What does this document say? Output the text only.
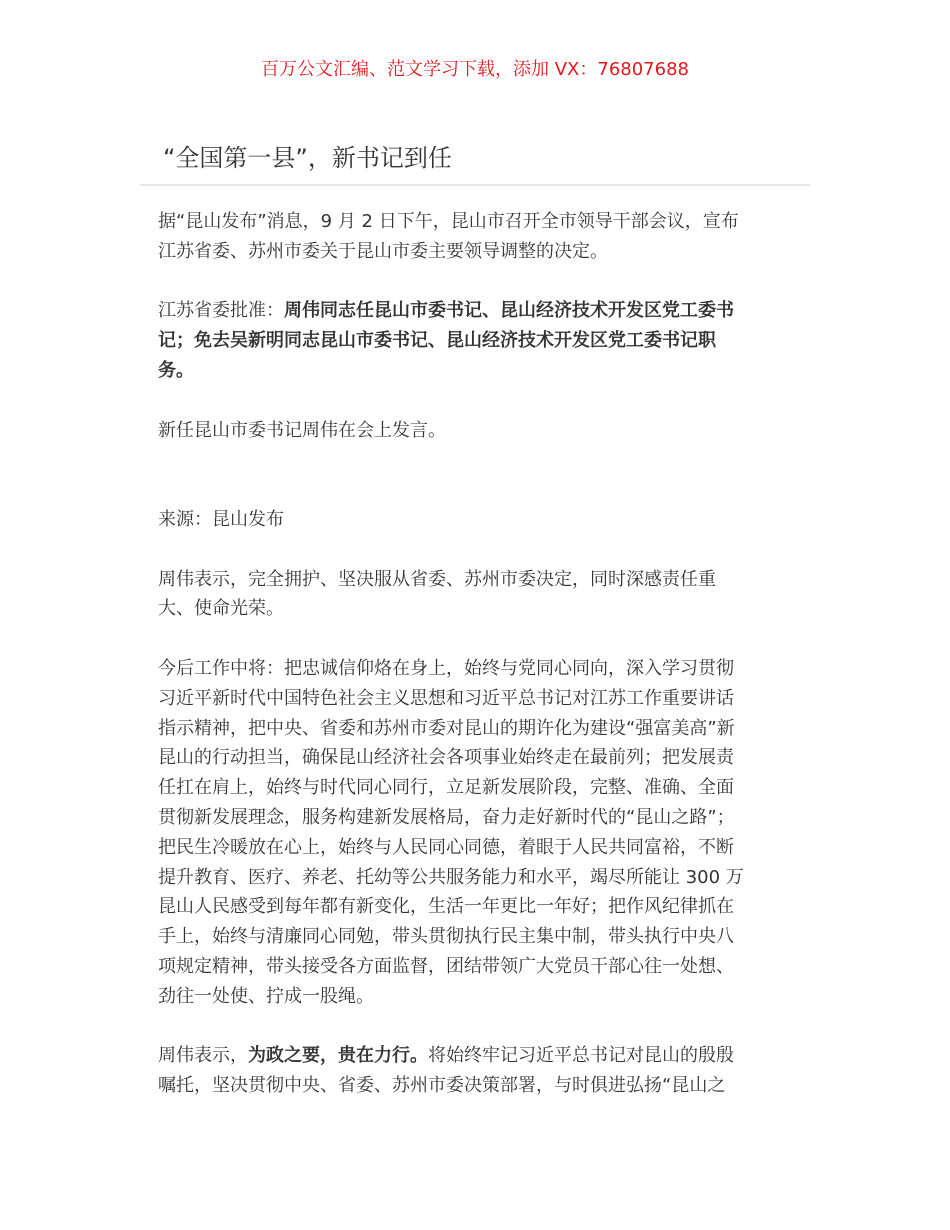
百万公文汇编、范文学习下载，添加 VX：76807688
“全国第一县”，新书记到任

据“昆山发布”消息，9 月 2 日下午，昆山市召开全市领导干部会议，宣布
江苏省委、苏州市委关于昆山市委主要领导调整的决定。

江苏省委批准：周伟同志任昆山市委书记、昆山经济技术开发区党工委书
记；免去吴新明同志昆山市委书记、昆山经济技术开发区党工委书记职
务。

新任昆山市委书记周伟在会上发言。

来源：昆山发布

周伟表示，完全拥护、坚决服从省委、苏州市委决定，同时深感责任重
大、使命光荣。

今后工作中将：把忠诚信仰烙在身上，始终与党同心同向，深入学习贯彻
习近平新时代中国特色社会主义思想和习近平总书记对江苏工作重要讲话
指示精神，把中央、省委和苏州市委对昆山的期许化为建设“强富美高”新
昆山的行动担当，确保昆山经济社会各项事业始终走在最前列；把发展责
任扛在肩上，始终与时代同心同行，立足新发展阶段，完整、准确、全面
贯彻新发展理念，服务构建新发展格局，奋力走好新时代的“昆山之路”；
把民生冷暖放在心上，始终与人民同心同德，着眼于人民共同富裕，不断
提升教育、医疗、养老、托幼等公共服务能力和水平，竭尽所能让 300 万
昆山人民感受到每年都有新变化，生活一年更比一年好；把作风纪律抓在
手上，始终与清廉同心同勉，带头贯彻执行民主集中制，带头执行中央八
项规定精神，带头接受各方面监督，团结带领广大党员干部心往一处想、
劲往一处使、拧成一股绳。

周伟表示，为政之要，贵在力行。将始终牢记习近平总书记对昆山的殷殷
嘱托，坚决贯彻中央、省委、苏州市委决策部署，与时俱进弘扬“昆山之
